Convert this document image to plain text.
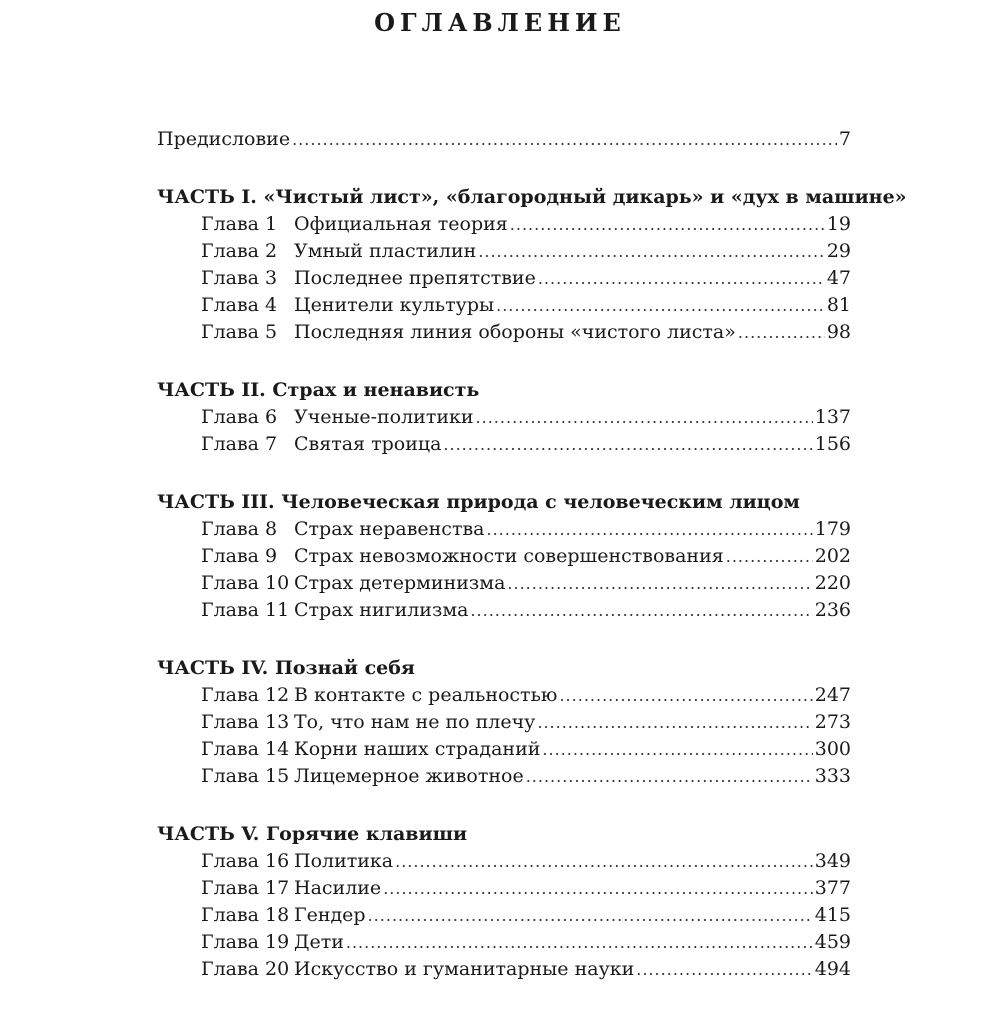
ОГЛАВЛЕНИЕ
Предисловие .....	7
ЧАСТЬ I. «Чистый лист», «благородный дикарь» и «дух в машине»
Глава 1 Официальная теория .....	19
Глава 2 Умный пластилин .....	29
Глава 3 Последнее препятствие .....	47
Глава 4 Ценители культуры .....	81
Глава 5 Последняя линия обороны «чистого листа» .....	98
ЧАСТЬ II. Страх и ненависть
Глава 6 Ученые-политики .....	137
Глава 7 Святая троица .....	156
ЧАСТЬ III. Человеческая природа с человеческим лицом
Глава 8 Страх неравенства .....	179
Глава 9 Страх невозможности совершенствования .....	202
Глава 10 Страх детерминизма .....	220
Глава 11 Страх нигилизма .....	236
ЧАСТЬ IV. Познай себя
Глава 12 В контакте с реальностью .....	247
Глава 13 То, что нам не по плечу .....	273
Глава 14 Корни наших страданий .....	300
Глава 15 Лицемерное животное .....	333
ЧАСТЬ V. Горячие клавиши
Глава 16 Политика .....	349
Глава 17 Насилие .....	377
Глава 18 Гендер .....	415
Глава 19 Дети .....	459
Глава 20 Искусство и гуманитарные науки .....	494
